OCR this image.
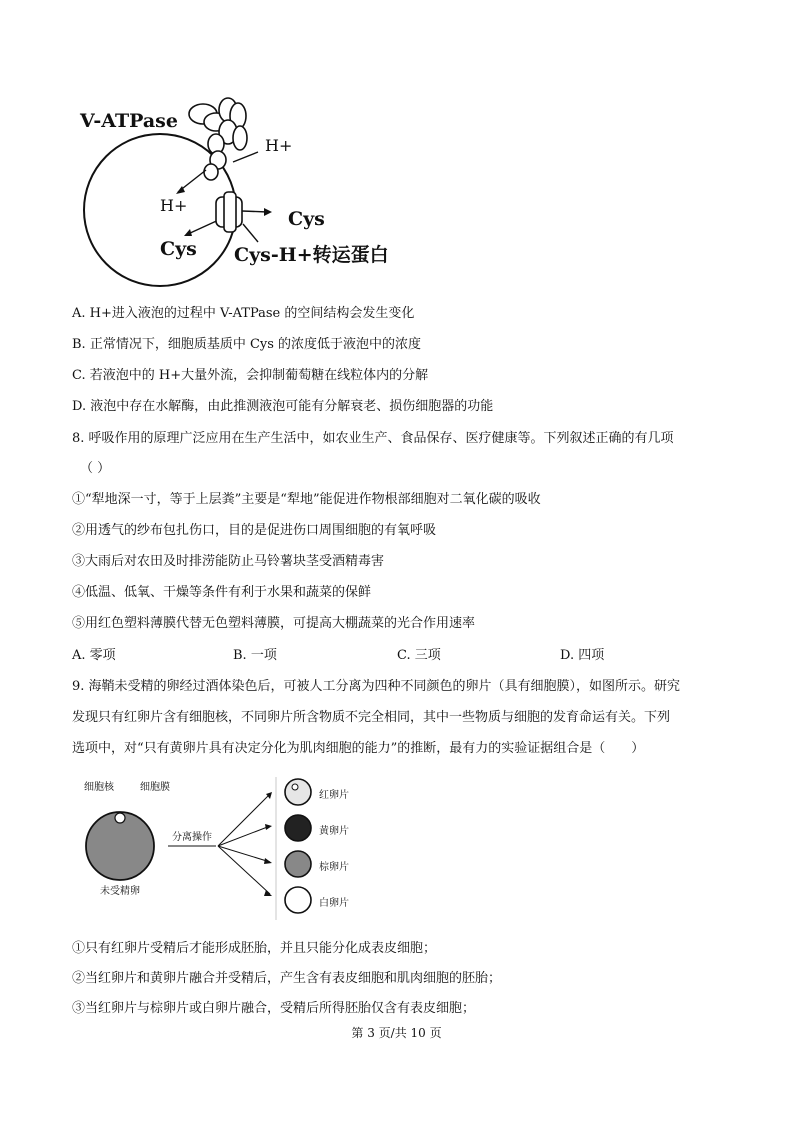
V-ATPase
H+
H+
Cys
Cys Cys-H+转运蛋白
A. H+进入液泡的过程中 V-ATPase 的空间结构会发生变化
B. 正常情况下，细胞质基质中 Cys 的浓度低于液泡中的浓度
C. 若液泡中的 H+大量外流，会抑制葡萄糖在线粒体内的分解
D. 液泡中存在水解酶，由此推测液泡可能有分解衰老、损伤细胞器的功能
8. 呼吸作用的原理广泛应用在生产生活中，如农业生产、食品保存、医疗健康等。下列叙述正确的有几项
（ ）
①“犁地深一寸，等于上层粪”主要是“犁地”能促进作物根部细胞对二氧化碳的吸收
②用透气的纱布包扎伤口，目的是促进伤口周围细胞的有氧呼吸
③大雨后对农田及时排涝能防止马铃薯块茎受酒精毒害
④低温、低氧、干燥等条件有利于水果和蔬菜的保鲜
⑤用红色塑料薄膜代替无色塑料薄膜，可提高大棚蔬菜的光合作用速率
A. 零项	B. 一项	C. 三项	D. 四项
9. 海鞘未受精的卵经过酒体染色后，可被人工分离为四种不同颜色的卵片（具有细胞膜），如图所示。研究
发现只有红卵片含有细胞核，不同卵片所含物质不完全相同，其中一些物质与细胞的发育命运有关。下列
选项中，对“只有黄卵片具有决定分化为肌肉细胞的能力”的推断，最有力的实验证据组合是（　　）
细胞核	细胞膜
未受精卵
分离操作
红卵片
黄卵片
棕卵片
白卵片
①只有红卵片受精后才能形成胚胎，并且只能分化成表皮细胞；
②当红卵片和黄卵片融合并受精后，产生含有表皮细胞和肌肉细胞的胚胎；
③当红卵片与棕卵片或白卵片融合，受精后所得胚胎仅含有表皮细胞；
第 3 页/共 10 页
